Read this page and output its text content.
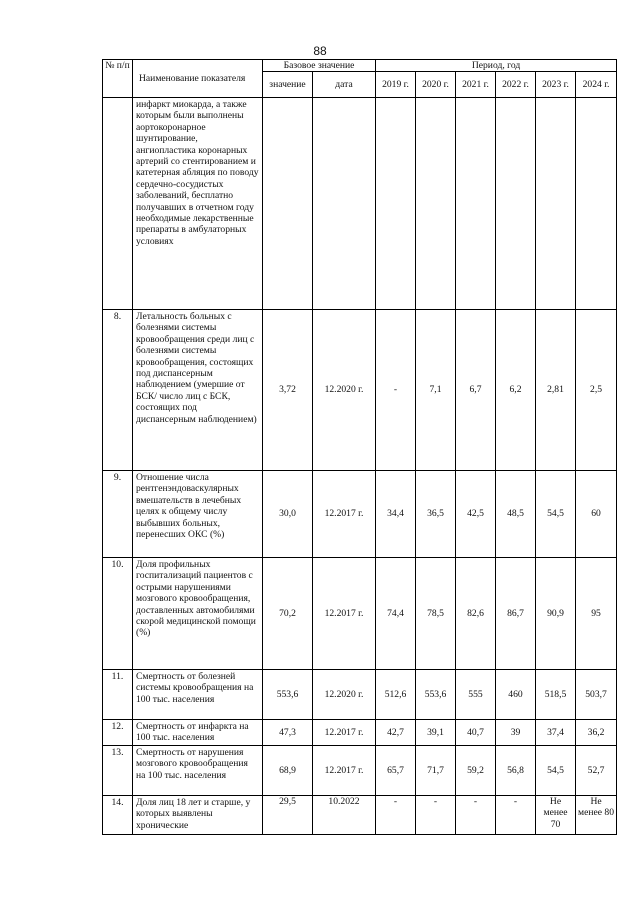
88
№ п/п	Наименование показателя	Базовое значение		Период, год					
		значение	дата	2019 г.	2020 г.	2021 г.	2022 г.	2023 г.	2024 г.
	инфаркт миокарда, а также которым были выполнены аортокоронарное шунтирование, ангиопластика коронарных артерий со стентированием и катетерная абляция по поводу сердечно-сосудистых заболеваний, бесплатно получавших в отчетном году необходимые лекарственные препараты в амбулаторных условиях								
8.	Летальность больных с болезнями системы кровообращения среди лиц с болезнями системы кровообращения, состоящих под диспансерным наблюдением (умершие от БСК/ число лиц с БСК, состоящих под диспансерным наблюдением)	3,72	12.2020 г.	-	7,1	6,7	6,2	2,81	2,5
9.	Отношение числа рентгенэндоваскулярных вмешательств в лечебных целях к общему числу выбывших больных, перенесших ОКС (%)	30,0	12.2017 г.	34,4	36,5	42,5	48,5	54,5	60
10.	Доля профильных госпитализаций пациентов с острыми нарушениями мозгового кровообращения, доставленных автомобилями скорой медицинской помощи (%)	70,2	12.2017 г.	74,4	78,5	82,6	86,7	90,9	95
11.	Смертность от болезней системы кровообращения на 100 тыс. населения	553,6	12.2020 г.	512,6	553,6	555	460	518,5	503,7
12.	Смертность от инфаркта на 100 тыс. населения	47,3	12.2017 г.	42,7	39,1	40,7	39	37,4	36,2
13.	Смертность от нарушения мозгового кровообращения на 100 тыс. населения	68,9	12.2017 г.	65,7	71,7	59,2	56,8	54,5	52,7
14.	Доля лиц 18 лет и старше, у которых выявлены хронические	29,5	10.2022	-	-	-	-	Не менее 70	Не менее 80
